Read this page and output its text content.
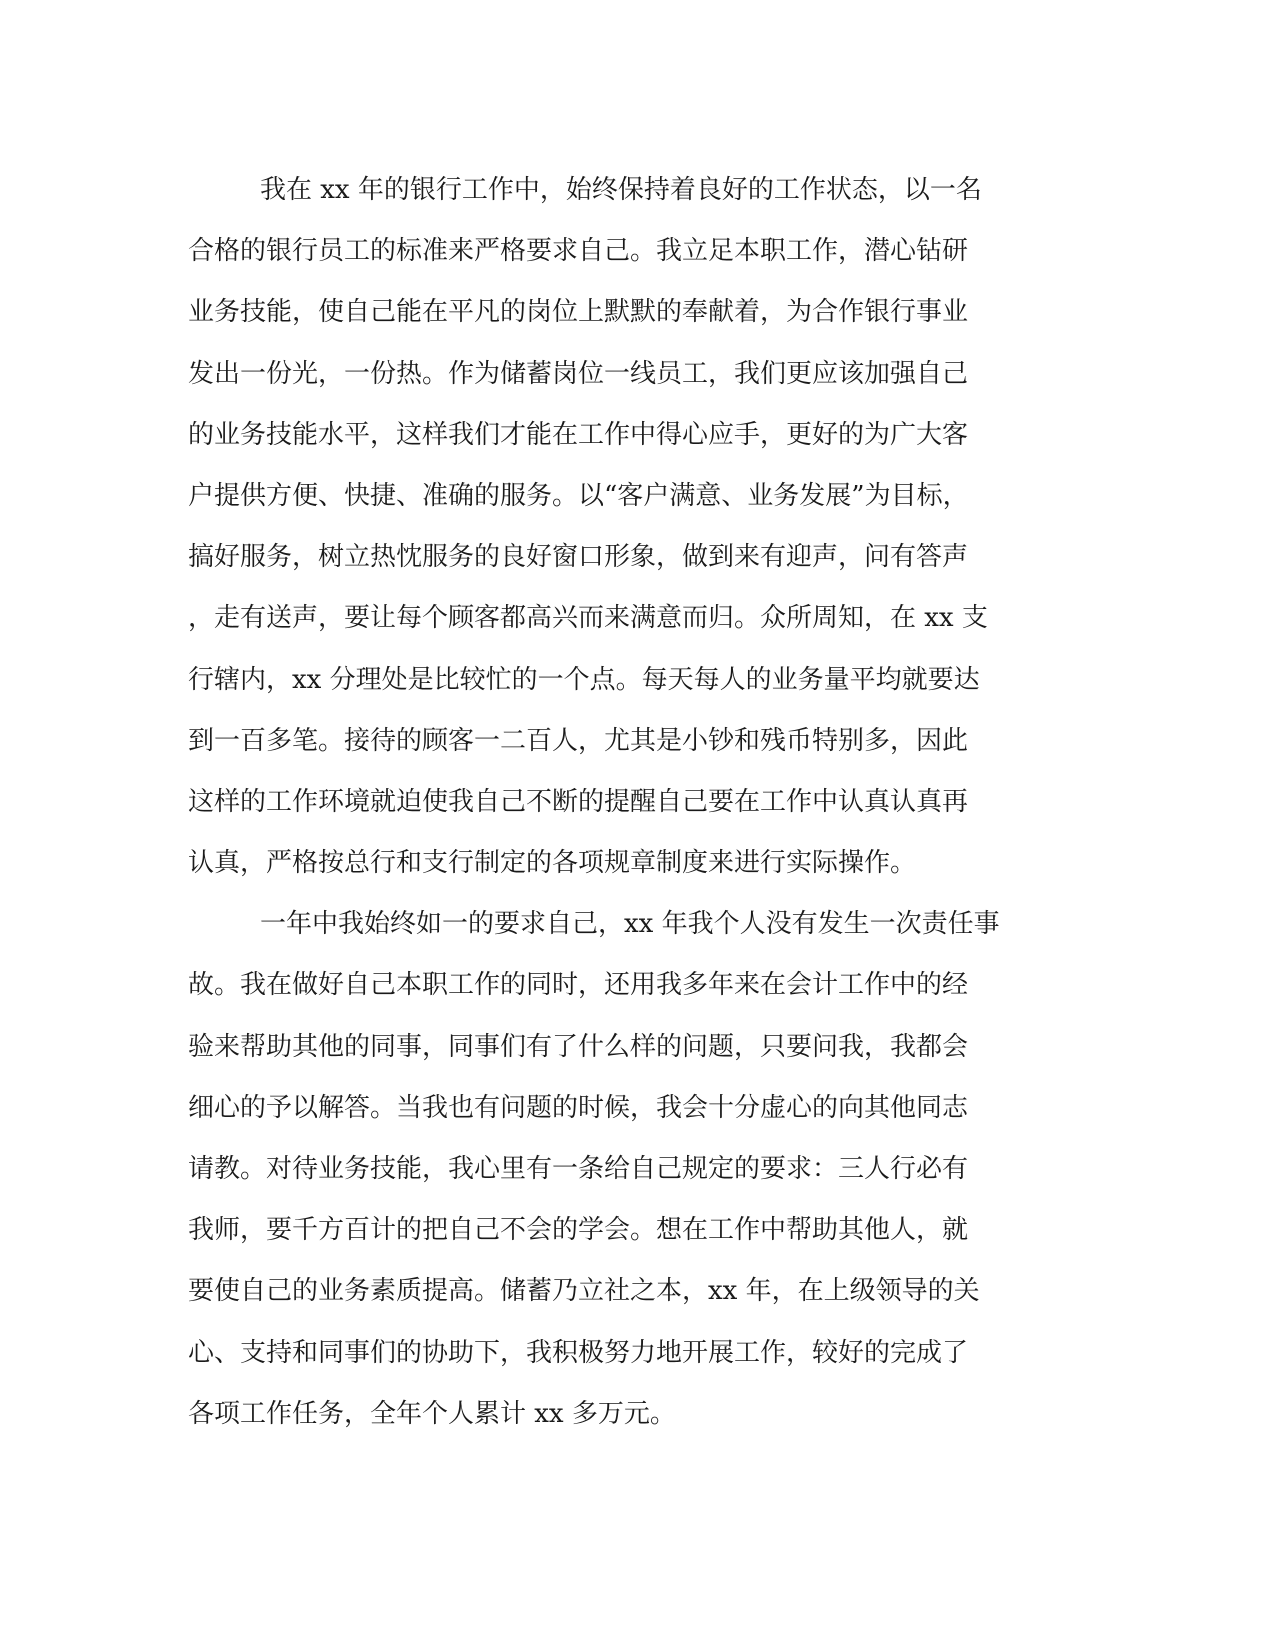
我在 xx 年的银行工作中，始终保持着良好的工作状态，以一名
合格的银行员工的标准来严格要求自己。我立足本职工作，潜心钻研
业务技能，使自己能在平凡的岗位上默默的奉献着，为合作银行事业
发出一份光，一份热。作为储蓄岗位一线员工，我们更应该加强自己
的业务技能水平，这样我们才能在工作中得心应手，更好的为广大客
户提供方便、快捷、准确的服务。以“客户满意、业务发展”为目标，
搞好服务，树立热忱服务的良好窗口形象，做到来有迎声，问有答声
，走有送声，要让每个顾客都高兴而来满意而归。众所周知，在 xx 支
行辖内，xx 分理处是比较忙的一个点。每天每人的业务量平均就要达
到一百多笔。接待的顾客一二百人，尤其是小钞和残币特别多，因此
这样的工作环境就迫使我自己不断的提醒自己要在工作中认真认真再
认真，严格按总行和支行制定的各项规章制度来进行实际操作。
一年中我始终如一的要求自己，xx 年我个人没有发生一次责任事
故。我在做好自己本职工作的同时，还用我多年来在会计工作中的经
验来帮助其他的同事，同事们有了什么样的问题，只要问我，我都会
细心的予以解答。当我也有问题的时候，我会十分虚心的向其他同志
请教。对待业务技能，我心里有一条给自己规定的要求：三人行必有
我师，要千方百计的把自己不会的学会。想在工作中帮助其他人，就
要使自己的业务素质提高。储蓄乃立社之本，xx 年，在上级领导的关
心、支持和同事们的协助下，我积极努力地开展工作，较好的完成了
各项工作任务，全年个人累计 xx 多万元。
